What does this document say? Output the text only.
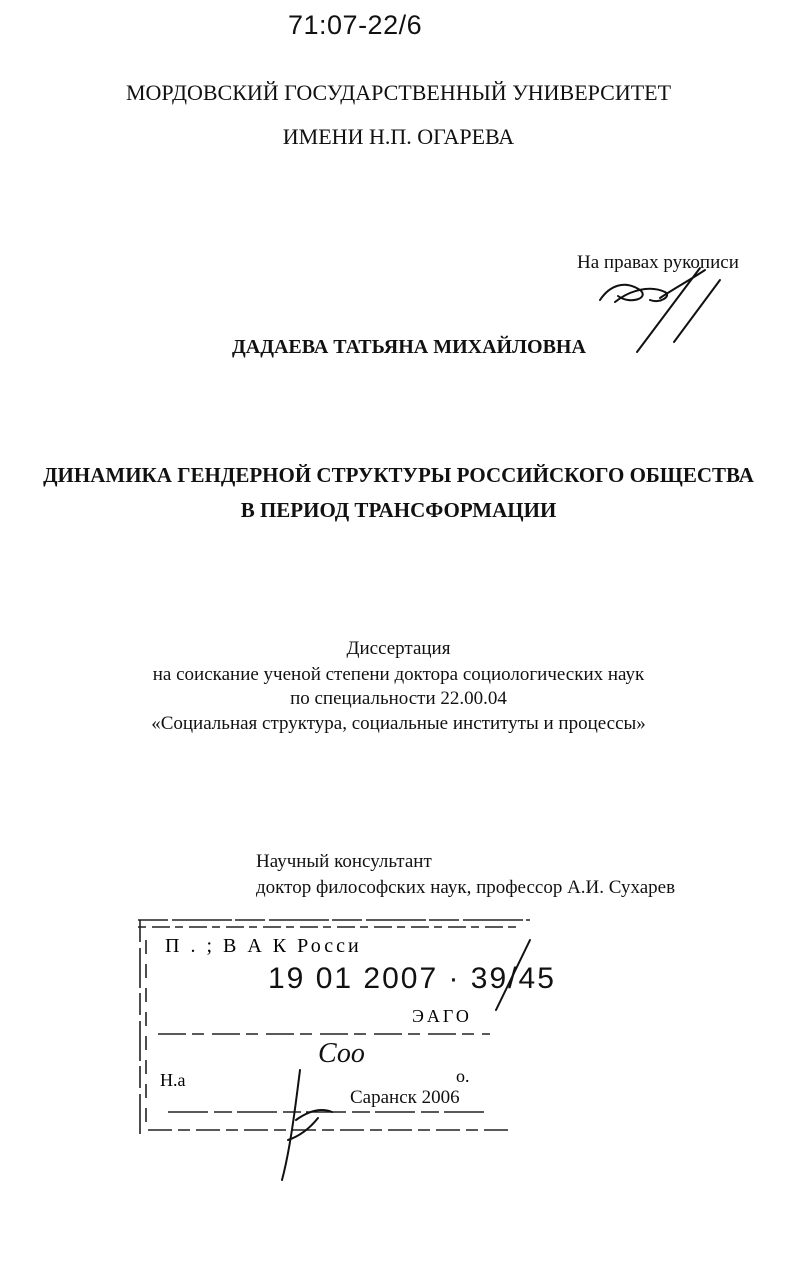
71:07-22/6
МОРДОВСКИЙ ГОСУДАРСТВЕННЫЙ УНИВЕРСИТЕТ
ИМЕНИ Н.П. ОГАРЕВА
На правах рукописи
ДАДАЕВА ТАТЬЯНА МИХАЙЛОВНА
ДИНАМИКА ГЕНДЕРНОЙ СТРУКТУРЫ РОССИЙСКОГО ОБЩЕСТВА
В ПЕРИОД ТРАНСФОРМАЦИИ
Диссертация
на соискание ученой степени доктора социологических наук
по специальности 22.00.04
«Социальная структура, социальные институты и процессы»
Научный консультант
доктор философских наук, профессор А.И. Сухарев
П . ; В А К Росси
19 01 2007 · 39/45
ЭАГО
Соо
Н.а	о.
Саранск 2006
